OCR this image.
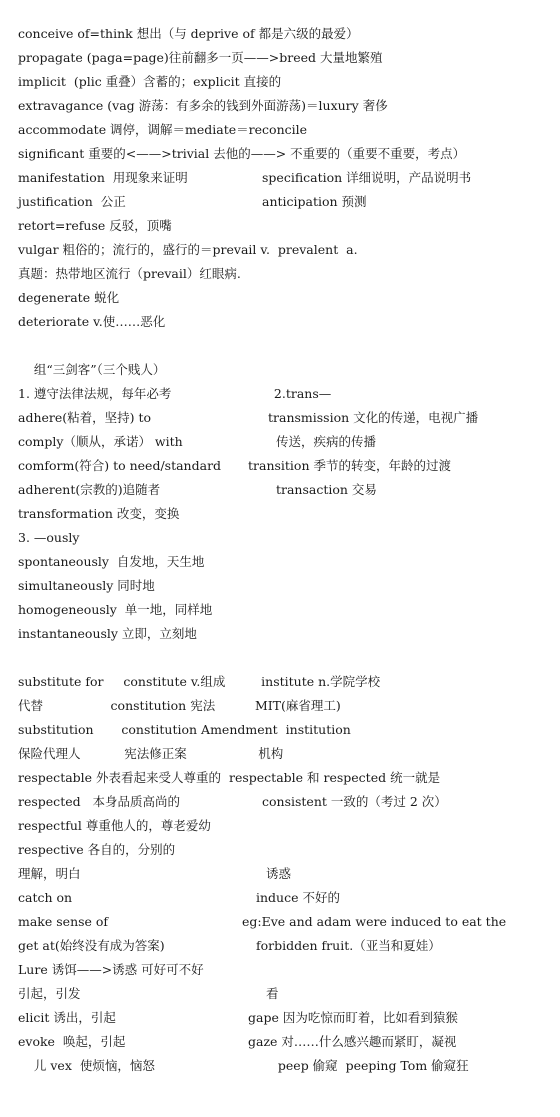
conceive of=think 想出（与 deprive of 都是六级的最爱）
propagate (paga=page)往前翻多一页——>breed 大量地繁殖
implicit  (plic 重叠）含蓄的；explicit 直接的
extravagance (vag 游荡：有多余的钱到外面游荡)＝luxury 奢侈
accommodate 调停，调解＝mediate＝reconcile
significant 重要的<——>trivial 去他的——> 不重要的（重要不重要，考点）
manifestation  用现象来证明	specification 详细说明，产品说明书
justification  公正	anticipation 预测
retort=refuse 反驳，顶嘴
vulgar 粗俗的；流行的，盛行的＝prevail v.  prevalent  a.
真题：热带地区流行（prevail）红眼病.
degenerate 蜕化
deteriorate v.使……恶化
组“三剑客”（三个贱人）
1. 遵守法律法规，每年必考	2.trans—
adhere(粘着，坚持) to	transmission 文化的传递，电视广播
comply（顺从，承诺） with	传送，疾病的传播
comform(符合) to need/standard transition 季节的转变，年龄的过渡
adherent(宗教的)追随者	transaction 交易
transformation 改变，变换
3. —ously
spontaneously  自发地，天生地
simultaneously 同时地
homogeneously  单一地，同样地
instantaneously 立即，立刻地
substitute for     constitute v.组成         institute n.学院学校
代替                 constitution 宪法          MIT(麻省理工)
substitution       constitution Amendment  institution
保险代理人           宪法修正案                  机构
respectable 外表看起来受人尊重的  respectable 和 respected 统一就是
respected   本身品质高尚的	consistent 一致的（考过 2 次）
respectful 尊重他人的，尊老爱幼
respective 各自的，分别的
理解，明白	诱惑
catch on	induce 不好的
make sense of	eg:Eve and adam were induced to eat the
get at(始终没有成为答案)	forbidden fruit.（亚当和夏娃）
Lure 诱饵——>诱惑 可好可不好
引起，引发	看
elicit 诱出，引起	gape 因为吃惊而盯着，比如看到猿猴
evoke  唤起，引起	gaze 对……什么感兴趣而紧盯，凝视
儿 vex  使烦恼，恼怒	peep 偷窥  peeping Tom 偷窥狂
